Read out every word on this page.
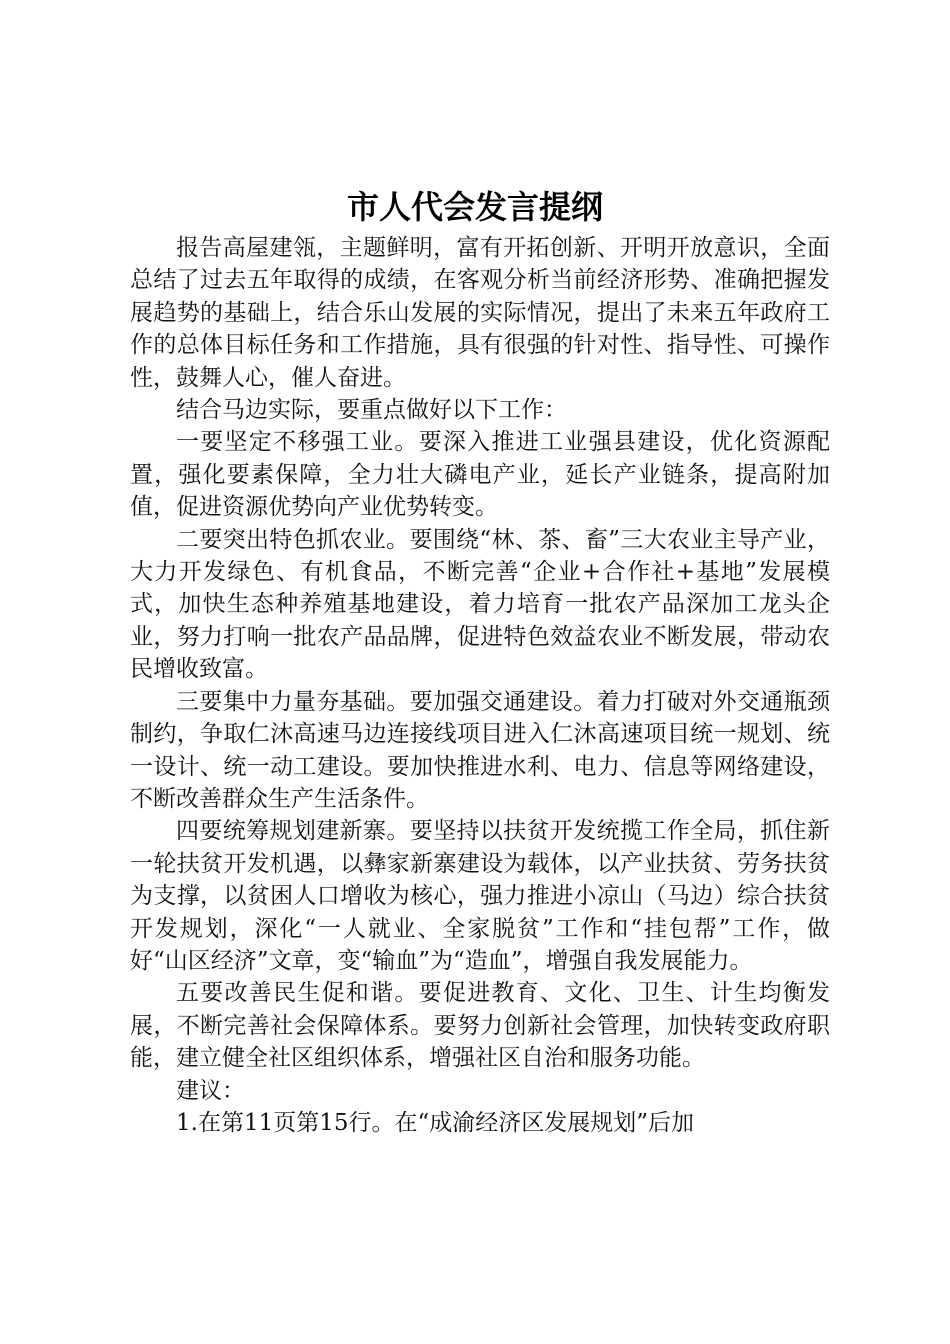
市人代会发言提纲

报告高屋建瓴，主题鲜明，富有开拓创新、开明开放意识，全面总结了过去五年取得的成绩，在客观分析当前经济形势、准确把握发展趋势的基础上，结合乐山发展的实际情况，提出了未来五年政府工作的总体目标任务和工作措施，具有很强的针对性、指导性、可操作性，鼓舞人心，催人奋进。

结合马边实际，要重点做好以下工作：

一要坚定不移强工业。要深入推进工业强县建设，优化资源配置，强化要素保障，全力壮大磷电产业，延长产业链条，提高附加值，促进资源优势向产业优势转变。

二要突出特色抓农业。要围绕“林、茶、畜”三大农业主导产业，大力开发绿色、有机食品，不断完善“企业+合作社+基地”发展模式，加快生态种养殖基地建设，着力培育一批农产品深加工龙头企业，努力打响一批农产品品牌，促进特色效益农业不断发展，带动农民增收致富。

三要集中力量夯基础。要加强交通建设。着力打破对外交通瓶颈制约，争取仁沐高速马边连接线项目进入仁沐高速项目统一规划、统一设计、统一动工建设。要加快推进水利、电力、信息等网络建设，不断改善群众生产生活条件。

四要统筹规划建新寨。要坚持以扶贫开发统揽工作全局，抓住新一轮扶贫开发机遇，以彝家新寨建设为载体，以产业扶贫、劳务扶贫为支撑，以贫困人口增收为核心，强力推进小凉山（马边）综合扶贫开发规划，深化“一人就业、全家脱贫”工作和“挂包帮”工作，做好“山区经济”文章，变“输血”为“造血”，增强自我发展能力。

五要改善民生促和谐。要促进教育、文化、卫生、计生均衡发展，不断完善社会保障体系。要努力创新社会管理，加快转变政府职能，建立健全社区组织体系，增强社区自治和服务功能。

建议：

1.在第11页第15行。在“成渝经济区发展规划”后加
